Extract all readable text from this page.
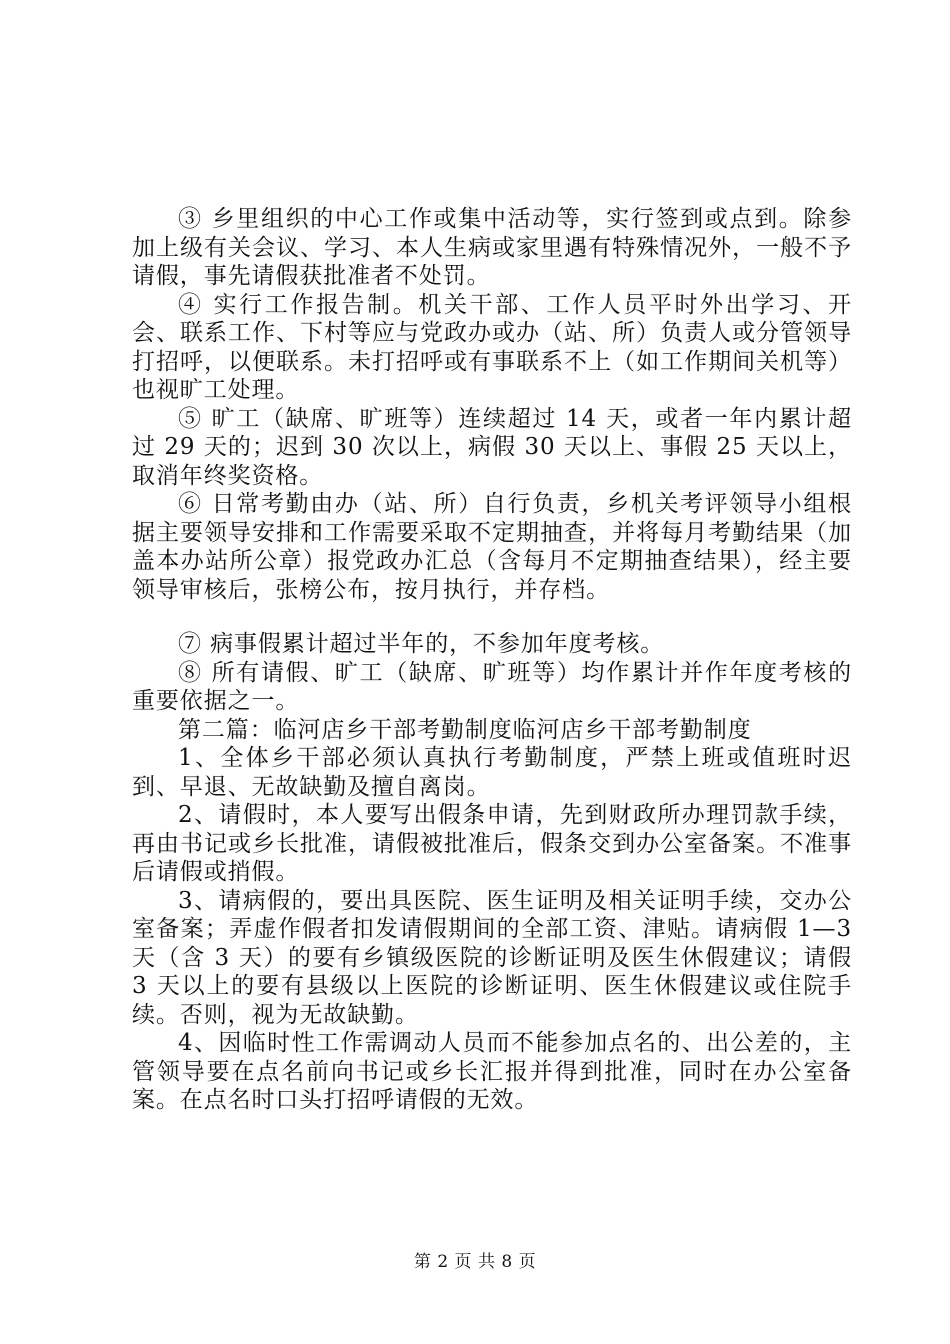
③ 乡里组织的中心工作或集中活动等，实行签到或点到。除参加上级有关会议、学习、本人生病或家里遇有特殊情况外，一般不予请假，事先请假获批准者不处罚。

④ 实行工作报告制。机关干部、工作人员平时外出学习、开会、联系工作、下村等应与党政办或办（站、所）负责人或分管领导打招呼，以便联系。未打招呼或有事联系不上（如工作期间关机等）也视旷工处理。

⑤ 旷工（缺席、旷班等）连续超过 14 天，或者一年内累计超过 29 天的；迟到 30 次以上，病假 30 天以上、事假 25 天以上，取消年终奖资格。

⑥ 日常考勤由办（站、所）自行负责，乡机关考评领导小组根据主要领导安排和工作需要采取不定期抽查，并将每月考勤结果（加盖本办站所公章）报党政办汇总（含每月不定期抽查结果），经主要领导审核后，张榜公布，按月执行，并存档。

⑦ 病事假累计超过半年的，不参加年度考核。

⑧ 所有请假、旷工（缺席、旷班等）均作累计并作年度考核的重要依据之一。

第二篇：临河店乡干部考勤制度临河店乡干部考勤制度

1、全体乡干部必须认真执行考勤制度，严禁上班或值班时迟到、早退、无故缺勤及擅自离岗。

2、请假时，本人要写出假条申请，先到财政所办理罚款手续，再由书记或乡长批准，请假被批准后，假条交到办公室备案。不准事后请假或捎假。

3、请病假的，要出具医院、医生证明及相关证明手续，交办公室备案；弄虚作假者扣发请假期间的全部工资、津贴。请病假 1—3 天（含 3 天）的要有乡镇级医院的诊断证明及医生休假建议；请假 3 天以上的要有县级以上医院的诊断证明、医生休假建议或住院手续。否则，视为无故缺勤。

4、因临时性工作需调动人员而不能参加点名的、出公差的，主管领导要在点名前向书记或乡长汇报并得到批准，同时在办公室备案。在点名时口头打招呼请假的无效。

第 2 页 共 8 页
